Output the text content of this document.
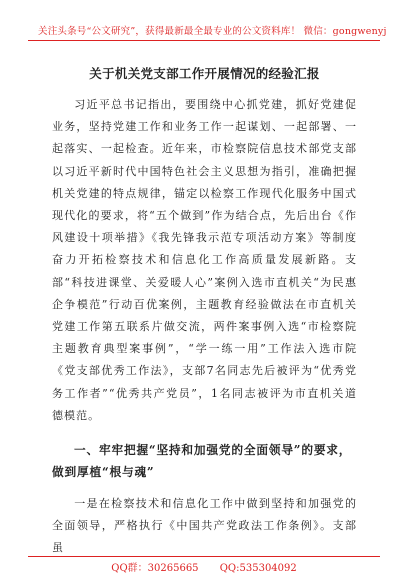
关注头条号“公文研究”，获得最新最全最专业的公文资料库！ 微信：gongwenyj
关于机关党支部工作开展情况的经验汇报

习近平总书记指出，要围绕中心抓党建，抓好党建促业务，坚持党建工作和业务工作一起谋划、一起部署、一起落实、一起检查。近年来，市检察院信息技术部党支部以习近平新时代中国特色社会主义思想为指引，准确把握机关党建的特点规律，锚定以检察工作现代化服务中国式现代化的要求，将“五个做到”作为结合点，先后出台《作风建设十项举措》《我先锋我示范专项活动方案》等制度奋力开拓检察技术和信息化工作高质量发展新路。支部“科技进课堂、关爱暖人心”案例入选市直机关“为民惠企争模范”行动百优案例，主题教育经验做法在市直机关党建工作第五联系片做交流，两件案事例入选“市检察院主题教育典型案事例”，“学一练一用”工作法入选市院《党支部优秀工作法》，支部7名同志先后被评为“优秀党务工作者”“优秀共产党员”，1名同志被评为市直机关道德模范。

一、牢牢把握“坚持和加强党的全面领导”的要求，做到厚植“根与魂”

一是在检察技术和信息化工作中做到坚持和加强党的全面领导，严格执行《中国共产党政法工作条例》。支部虽

QQ群：30265665 QQ:535304092
